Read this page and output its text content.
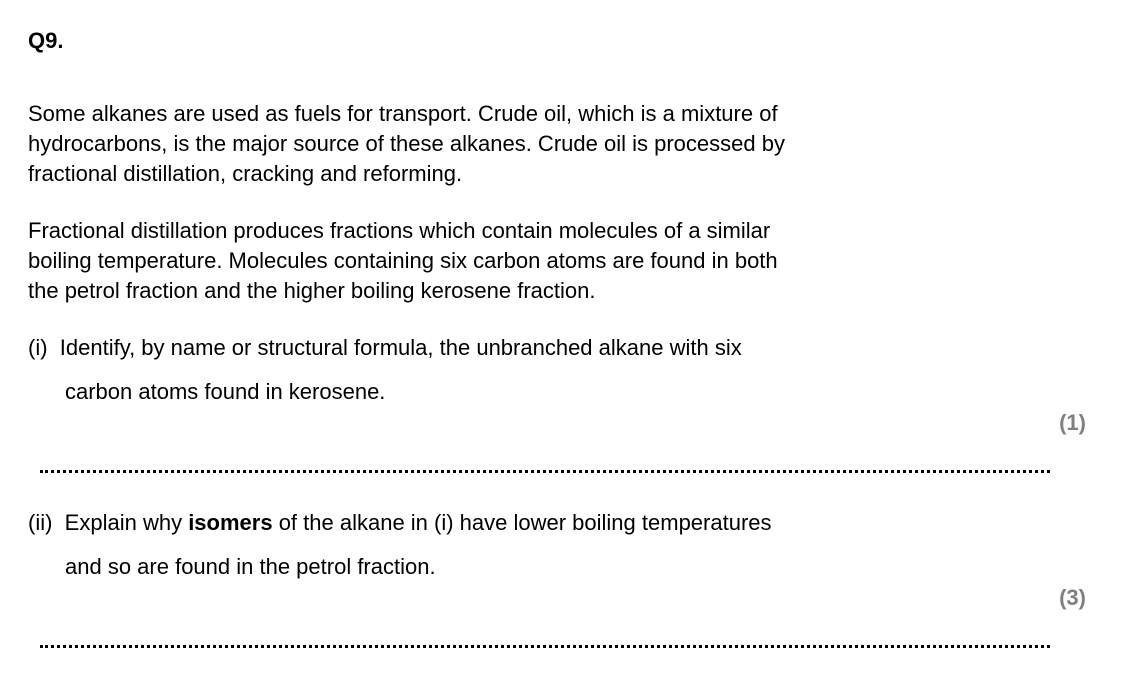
Q9.

Some alkanes are used as fuels for transport. Crude oil, which is a mixture of
hydrocarbons, is the major source of these alkanes. Crude oil is processed by
fractional distillation, cracking and reforming.

Fractional distillation produces fractions which contain molecules of a similar
boiling temperature. Molecules containing six carbon atoms are found in both
the petrol fraction and the higher boiling kerosene fraction.

(i)  Identify, by name or structural formula, the unbranched alkane with six
carbon atoms found in kerosene.
(1)
(ii)  Explain why isomers of the alkane in (i) have lower boiling temperatures
and so are found in the petrol fraction.
(3)
